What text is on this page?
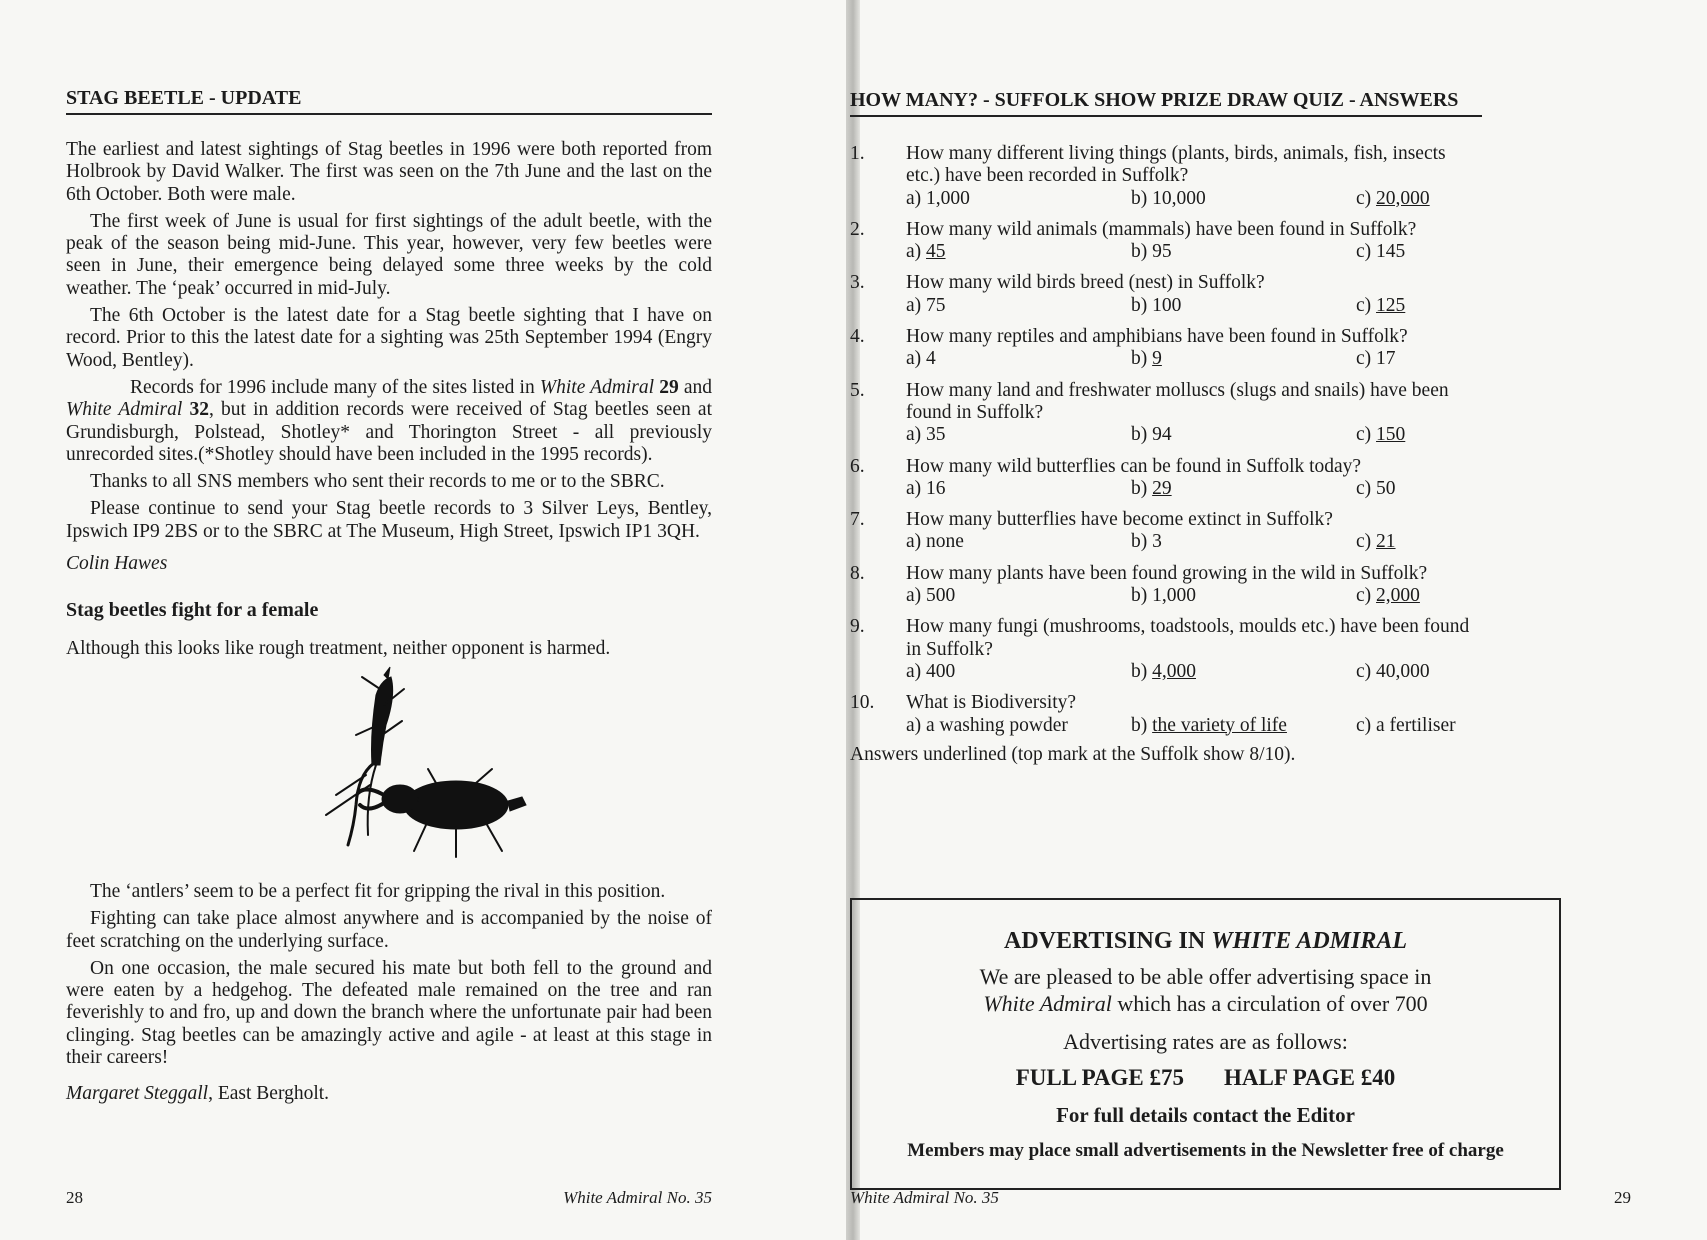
STAG BEETLE - UPDATE

The earliest and latest sightings of Stag beetles in 1996 were both reported from Holbrook by David Walker. The first was seen on the 7th June and the last on the 6th October. Both were male.

The first week of June is usual for first sightings of the adult beetle, with the peak of the season being mid-June. This year, however, very few beetles were seen in June, their emergence being delayed some three weeks by the cold weather. The ‘peak’ occurred in mid-July.

The 6th October is the latest date for a Stag beetle sighting that I have on record. Prior to this the latest date for a sighting was 25th September 1994 (Engry Wood, Bentley).

Records for 1996 include many of the sites listed in White Admiral 29 and White Admiral 32, but in addition records were received of Stag beetles seen at Grundisburgh, Polstead, Shotley* and Thorington Street - all previously unrecorded sites.(*Shotley should have been included in the 1995 records).

Thanks to all SNS members who sent their records to me or to the SBRC.

Please continue to send your Stag beetle records to 3 Silver Leys, Bentley, Ipswich IP9 2BS or to the SBRC at The Museum, High Street, Ipswich IP1 3QH.

Colin Hawes

Stag beetles fight for a female

Although this looks like rough treatment, neither opponent is harmed.

The ‘antlers’ seem to be a perfect fit for gripping the rival in this position.

Fighting can take place almost anywhere and is accompanied by the noise of feet scratching on the underlying surface.

On one occasion, the male secured his mate but both fell to the ground and were eaten by a hedgehog. The defeated male remained on the tree and ran feverishly to and fro, up and down the branch where the unfortunate pair had been clinging. Stag beetles can be amazingly active and agile - at least at this stage in their careers!

Margaret Steggall, East Bergholt.

28	White Admiral No. 35
HOW MANY? - SUFFOLK SHOW PRIZE DRAW QUIZ - ANSWERS
1.	How many different living things (plants, birds, animals, fish, insects etc.) have been recorded in Suffolk?
a) 1,000	b) 10,000	c) 20,000
2.	How many wild animals (mammals) have been found in Suffolk?
a) 45	b) 95	c) 145
3.	How many wild birds breed (nest) in Suffolk?
a) 75	b) 100	c) 125
4.	How many reptiles and amphibians have been found in Suffolk?
a) 4	b) 9	c) 17
5.	How many land and freshwater molluscs (slugs and snails) have been found in Suffolk?
a) 35	b) 94	c) 150
6.	How many wild butterflies can be found in Suffolk today?
a) 16	b) 29	c) 50
7.	How many butterflies have become extinct in Suffolk?
a) none	b) 3	c) 21
8.	How many plants have been found growing in the wild in Suffolk?
a) 500	b) 1,000	c) 2,000
9.	How many fungi (mushrooms, toadstools, moulds etc.) have been found in Suffolk?
a) 400	b) 4,000	c) 40,000
10.	What is Biodiversity?
a) a washing powder	b) the variety of life	c) a fertiliser

Answers underlined (top mark at the Suffolk show 8/10).

ADVERTISING IN WHITE ADMIRAL
We are pleased to be able offer advertising space in
White Admiral which has a circulation of over 700
Advertising rates are as follows:
FULL PAGE £75 HALF PAGE £40
For full details contact the Editor
Members may place small advertisements in the Newsletter free of charge
White Admiral No. 35	29
